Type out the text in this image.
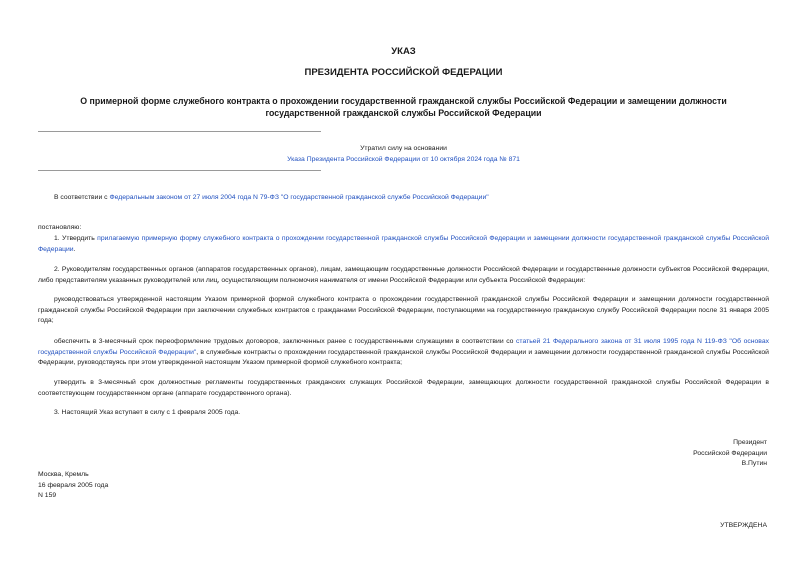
УКАЗ
ПРЕЗИДЕНТА РОССИЙСКОЙ ФЕДЕРАЦИИ
О примерной форме служебного контракта о прохождении государственной гражданской службы Российской Федерации и замещении должности государственной гражданской службы Российской Федерации
Утратил силу на основании
Указа Президента Российской Федерации от 10 октября 2024 года № 871
В соответствии с Федеральным законом от 27 июля 2004 года N 79-ФЗ "О государственной гражданской службе Российской Федерации"
постановляю:
1. Утвердить прилагаемую примерную форму служебного контракта о прохождении государственной гражданской службы Российской Федерации и замещении должности государственной гражданской службы Российской Федерации.
2. Руководителям государственных органов (аппаратов государственных органов), лицам, замещающим государственные должности Российской Федерации и государственные должности субъектов Российской Федерации, либо представителям указанных руководителей или лиц, осуществляющим полномочия нанимателя от имени Российской Федерации или субъекта Российской Федерации:
руководствоваться утвержденной настоящим Указом примерной формой служебного контракта о прохождении государственной гражданской службы Российской Федерации и замещении должности государственной гражданской службы Российской Федерации при заключении служебных контрактов с гражданами Российской Федерации, поступающими на государственную гражданскую службу Российской Федерации после 31 января 2005 года;
обеспечить в 3-месячный срок переоформление трудовых договоров, заключенных ранее с государственными служащими в соответствии со статьей 21 Федерального закона от 31 июля 1995 года N 119-ФЗ "Об основах государственной службы Российской Федерации", в служебные контракты о прохождении государственной гражданской службы Российской Федерации и замещении должности государственной гражданской службы Российской Федерации, руководствуясь при этом утвержденной настоящим Указом примерной формой служебного контракта;
утвердить в 3-месячный срок должностные регламенты государственных гражданских служащих Российской Федерации, замещающих должности государственной гражданской службы Российской Федерации в соответствующем государственном органе (аппарате государственного органа).
3. Настоящий Указ вступает в силу с 1 февраля 2005 года.
Президент
Российской Федерации
В.Путин
Москва, Кремль
16 февраля 2005 года
N 159
УТВЕРЖДЕНА
